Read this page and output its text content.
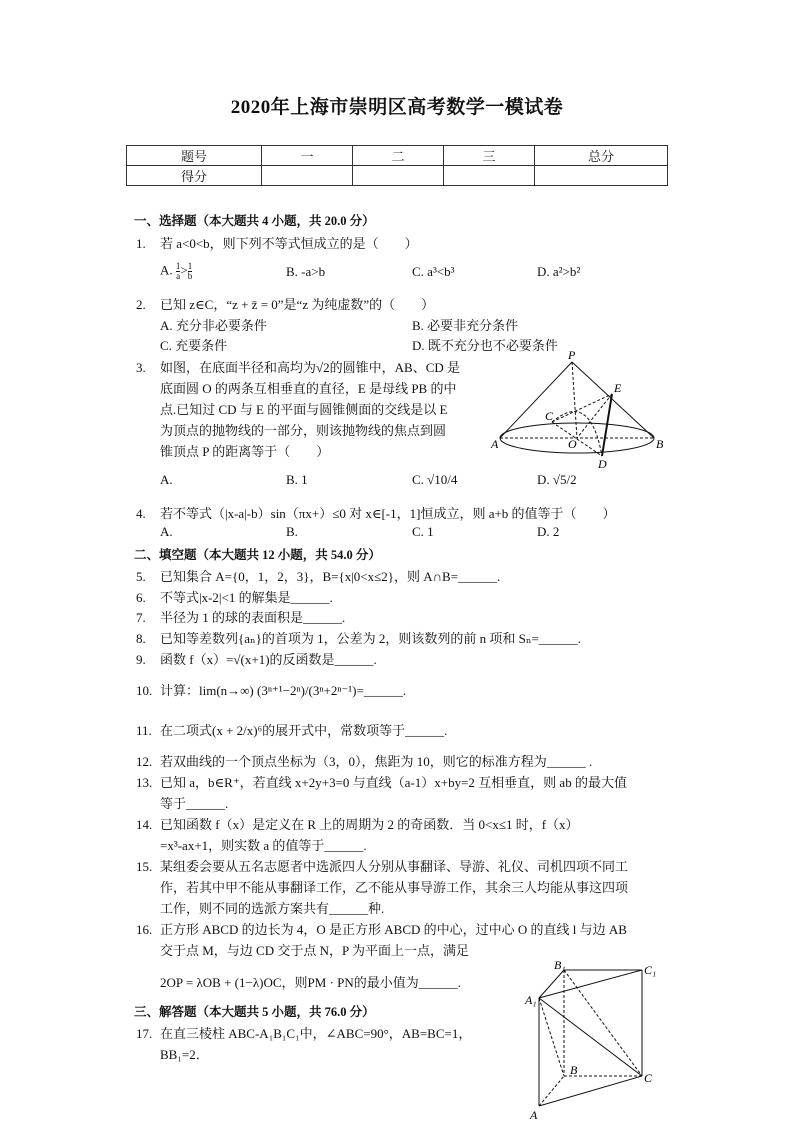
2020年上海市崇明区高考数学一模试卷
题号	一	二	三	总分
得分				
一、选择题（本大题共 4 小题，共 20.0 分）
1. 若 a<0<b，则下列不等式恒成立的是（　　）
A. $\frac{1}{a} > \frac{1}{b}$	B. -a>b	C. a³<b³	D. a²>b²
2. 已知 z∈C，“z + z̄ = 0”是“z 为纯虚数”的（　　）
A. 充分非必要条件	B. 必要非充分条件
C. 充要条件	D. 既不充分也不必要条件
3. 如图，在底面半径和高均为√2的圆锥中，AB、CD 是
底面圆 O 的两条互相垂直的直径，E 是母线 PB 的中
点.已知过 CD 与 E 的平面与圆锥侧面的交线是以 E
为顶点的抛物线的一部分，则该抛物线的焦点到圆
锥顶点 P 的距离等于（　　）
A.	B. 1	C. √10/4	D. √5/2
P
E
C
O
A	B
D
4. 若不等式（|x-a|-b）sin（πx+）≤0 对 x∈[-1，1]恒成立，则 a+b 的值等于（　　）
A.	B.	C. 1	D. 2
二、填空题（本大题共 12 小题，共 54.0 分）
5. 已知集合 A={0，1，2，3}，B={x|0<x≤2}，则 A∩B=______.
6. 不等式|x-2|<1 的解集是______.
7. 半径为 1 的球的表面积是______.
8. 已知等差数列{aₙ}的首项为 1，公差为 2，则该数列的前 n 项和 Sₙ=______.
9. 函数 f（x）=√(x+1)的反函数是______.
10. 计算：lim(n→∞) (3ⁿ⁺¹−2ⁿ)/(3ⁿ+2ⁿ⁻¹)=______.
11. 在二项式(x + 2/x)⁶的展开式中，常数项等于______.
12. 若双曲线的一个顶点坐标为（3，0），焦距为 10，则它的标准方程为______ .
13. 已知 a，b∈R⁺，若直线 x+2y+3=0 与直线（a-1）x+by=2 互相垂直，则 ab 的最大值
等于______.
14. 已知函数 f（x）是定义在 R 上的周期为 2 的奇函数．当 0<x≤1 时，f（x）
=x³-ax+1，则实数 a 的值等于______.
15. 某组委会要从五名志愿者中选派四人分别从事翻译、导游、礼仪、司机四项不同工
作，若其中甲不能从事翻译工作，乙不能从事导游工作，其余三人均能从事这四项
工作，则不同的选派方案共有______种.
16. 正方形 ABCD 的边长为 4，O 是正方形 ABCD 的中心，过中心 O 的直线 l 与边 AB
交于点 M，与边 CD 交于点 N，P 为平面上一点，满足
2OP = λOB + (1−λ)OC，则PM · PN的最小值为______.
三、解答题（本大题共 5 小题，共 76.0 分）
17. 在直三棱柱 ABC-A₁B₁C₁中，∠ABC=90°，AB=BC=1，
BB₁=2．
B₁	C₁
A₁
B
C
A
